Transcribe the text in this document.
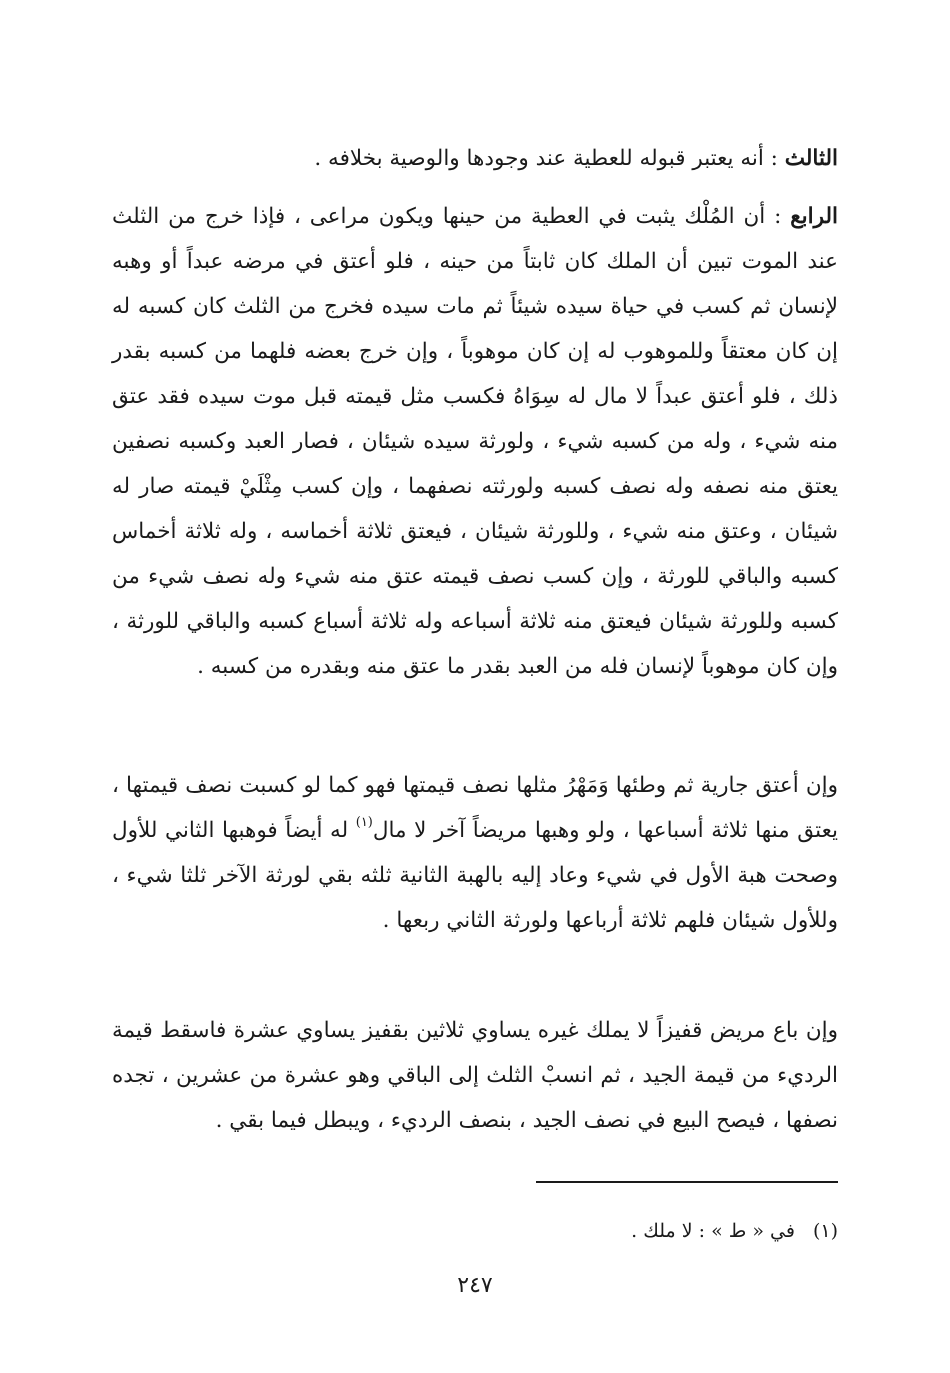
الثالث : أنه يعتبر قبوله للعطية عند وجودها والوصية بخلافه .

الرابع : أن المُلْك يثبت في العطية من حينها ويكون مراعى ، فإذا خرج من الثلث عند الموت تبين أن الملك كان ثابتاً من حينه ، فلو أعتق في مرضه عبداً أو وهبه لإنسان ثم كسب في حياة سيده شيئاً ثم مات سيده فخرج من الثلث كان كسبه له إن كان معتقاً وللموهوب له إن كان موهوباً ، وإن خرج بعضه فلهما من كسبه بقدر ذلك ، فلو أعتق عبداً لا مال له سِوَاهُ فكسب مثل قيمته قبل موت سيده فقد عتق منه شيء ، وله من كسبه شيء ، ولورثة سيده شيئان ، فصار العبد وكسبه نصفين يعتق منه نصفه وله نصف كسبه ولورثته نصفهما ، وإن كسب مِثْلَيْ قيمته صار له شيئان ، وعتق منه شيء ، وللورثة شيئان ، فيعتق ثلاثة أخماسه ، وله ثلاثة أخماس كسبه والباقي للورثة ، وإن كسب نصف قيمته عتق منه شيء وله نصف شيء من كسبه وللورثة شيئان فيعتق منه ثلاثة أسباعه وله ثلاثة أسباع كسبه والباقي للورثة ، وإن كان موهوباً لإنسان فله من العبد بقدر ما عتق منه وبقدره من كسبه .

وإن أعتق جارية ثم وطئها وَمَهْرُ مثلها نصف قيمتها فهو كما لو كسبت نصف قيمتها ، يعتق منها ثلاثة أسباعها ، ولو وهبها مريضاً آخر لا مال$^{(١)}$ له أيضاً فوهبها الثاني للأول وصحت هبة الأول في شيء وعاد إليه بالهبة الثانية ثلثه بقي لورثة الآخر ثلثا شيء ، وللأول شيئان فلهم ثلاثة أرباعها ولورثة الثاني ربعها .

وإن باع مريض قفيزاً لا يملك غيره يساوي ثلاثين بقفيز يساوي عشرة فاسقط قيمة الرديء من قيمة الجيد ، ثم انسبْ الثلث إلى الباقي وهو عشرة من عشرين ، تجده نصفها ، فيصح البيع في نصف الجيد ، بنصف الرديء ، ويبطل فيما بقي .

(١)في « ط » : لا ملك .
٢٤٧
